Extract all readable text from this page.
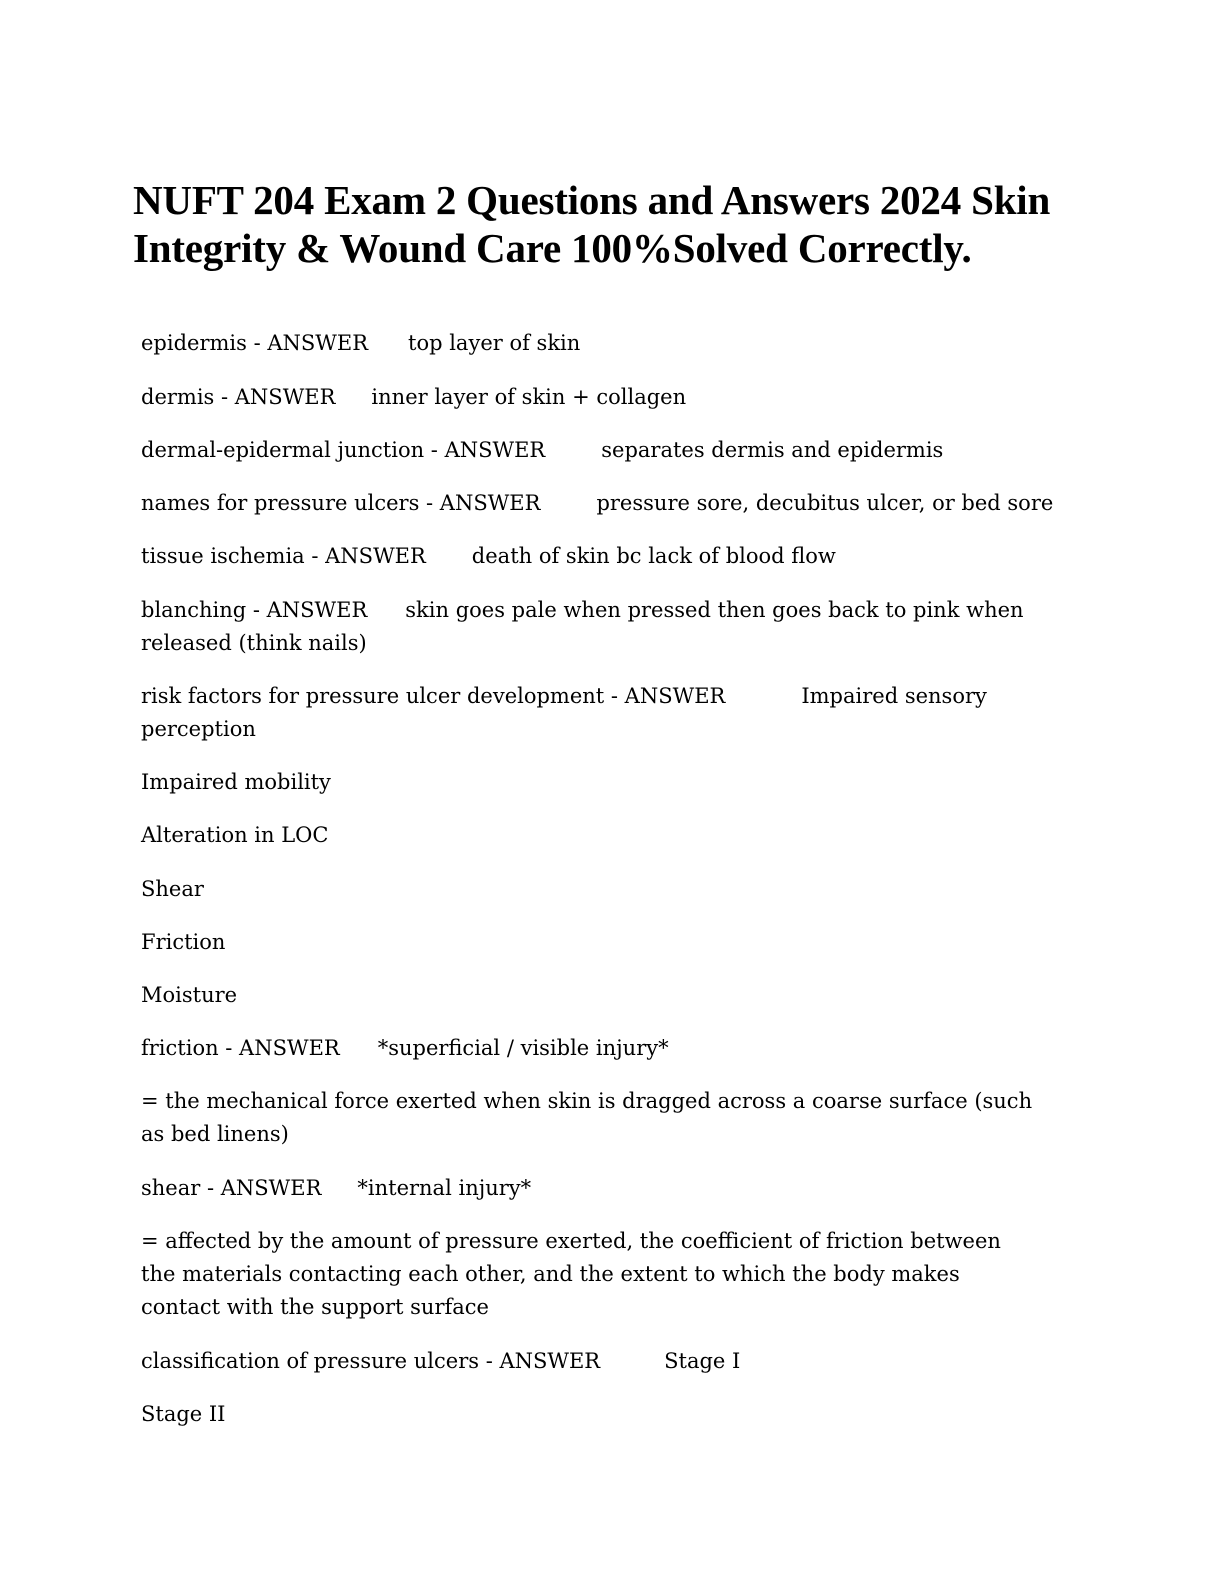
NUFT 204 Exam 2 Questions and Answers 2024 Skin
Integrity & Wound Care 100%Solved Correctly.

epidermis - ANSWER top layer of skin

dermis - ANSWER inner layer of skin + collagen

dermal-epidermal junction - ANSWER	separates dermis and epidermis

names for pressure ulcers - ANSWER	pressure sore, decubitus ulcer, or bed sore

tissue ischemia - ANSWER death of skin bc lack of blood flow

blanching - ANSWER skin goes pale when pressed then goes back to pink when
released (think nails)

risk factors for pressure ulcer development - ANSWER	Impaired sensory
perception

Impaired mobility

Alteration in LOC

Shear

Friction

Moisture

friction - ANSWER *superficial / visible injury*

= the mechanical force exerted when skin is dragged across a coarse surface (such
as bed linens)

shear - ANSWER *internal injury*

= affected by the amount of pressure exerted, the coefficient of friction between
the materials contacting each other, and the extent to which the body makes
contact with the support surface

classification of pressure ulcers - ANSWER	Stage I

Stage II
